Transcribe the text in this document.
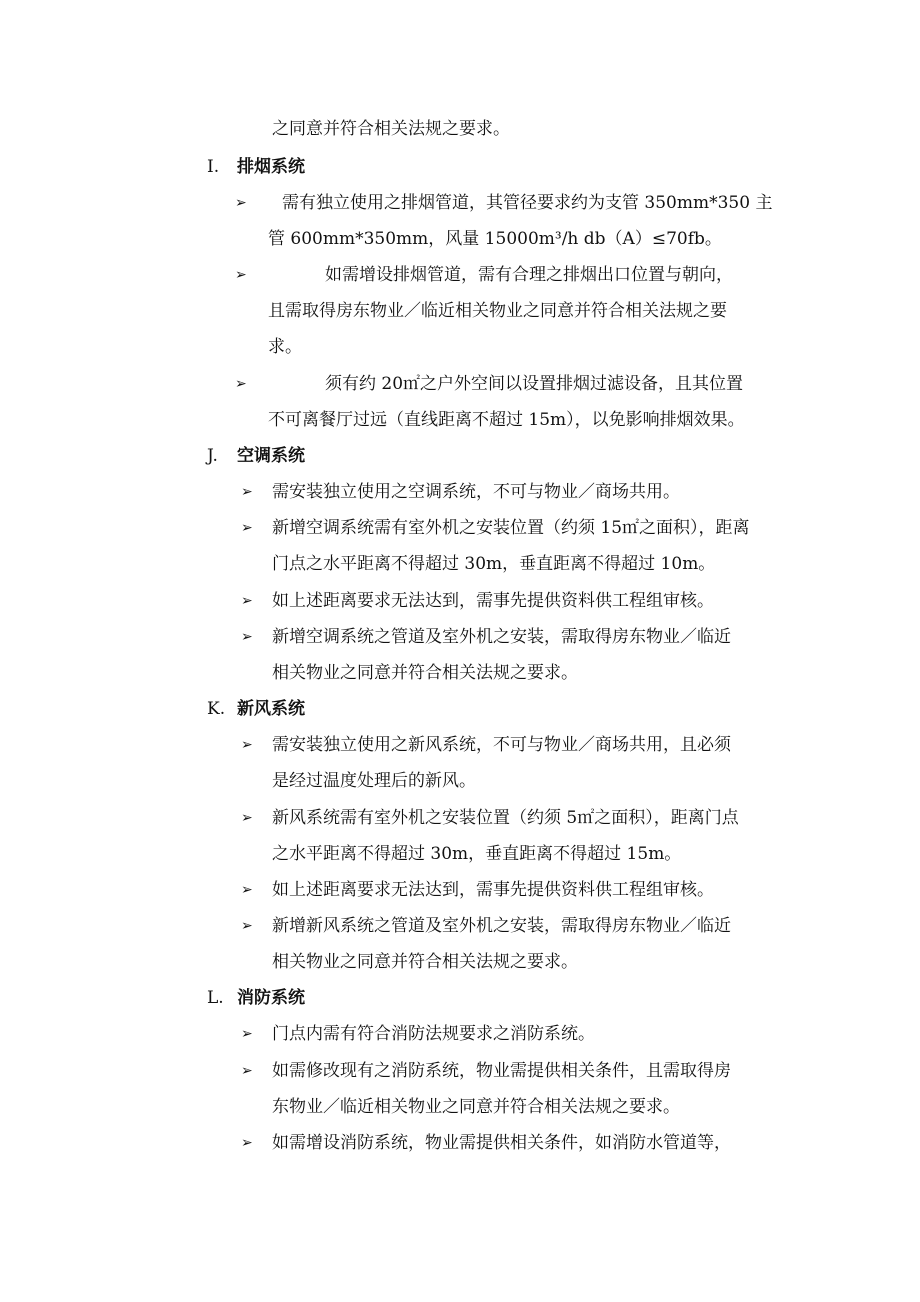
之同意并符合相关法规之要求。
I. 排烟系统
➢	需有独立使用之排烟管道，其管径要求约为支管 350mm*350 主
管 600mm*350mm，风量 15000m³/h db（A）≤70fb。
➢	如需增设排烟管道，需有合理之排烟出口位置与朝向，
且需取得房东物业／临近相关物业之同意并符合相关法规之要
求。
➢	须有约 20㎡之户外空间以设置排烟过滤设备，且其位置
不可离餐厅过远（直线距离不超过 15m），以免影响排烟效果。
J. 空调系统
➢ 需安装独立使用之空调系统，不可与物业／商场共用。
➢ 新增空调系统需有室外机之安装位置（约须 15㎡之面积），距离
门点之水平距离不得超过 30m，垂直距离不得超过 10m。
➢ 如上述距离要求无法达到，需事先提供资料供工程组审核。
➢ 新增空调系统之管道及室外机之安装，需取得房东物业／临近
相关物业之同意并符合相关法规之要求。
K. 新风系统
➢ 需安装独立使用之新风系统，不可与物业／商场共用，且必须
是经过温度处理后的新风。
➢ 新风系统需有室外机之安装位置（约须 5㎡之面积），距离门点
之水平距离不得超过 30m，垂直距离不得超过 15m。
➢ 如上述距离要求无法达到，需事先提供资料供工程组审核。
➢ 新增新风系统之管道及室外机之安装，需取得房东物业／临近
相关物业之同意并符合相关法规之要求。
L. 消防系统
➢ 门点内需有符合消防法规要求之消防系统。
➢ 如需修改现有之消防系统，物业需提供相关条件，且需取得房
东物业／临近相关物业之同意并符合相关法规之要求。
➢ 如需增设消防系统，物业需提供相关条件，如消防水管道等，
